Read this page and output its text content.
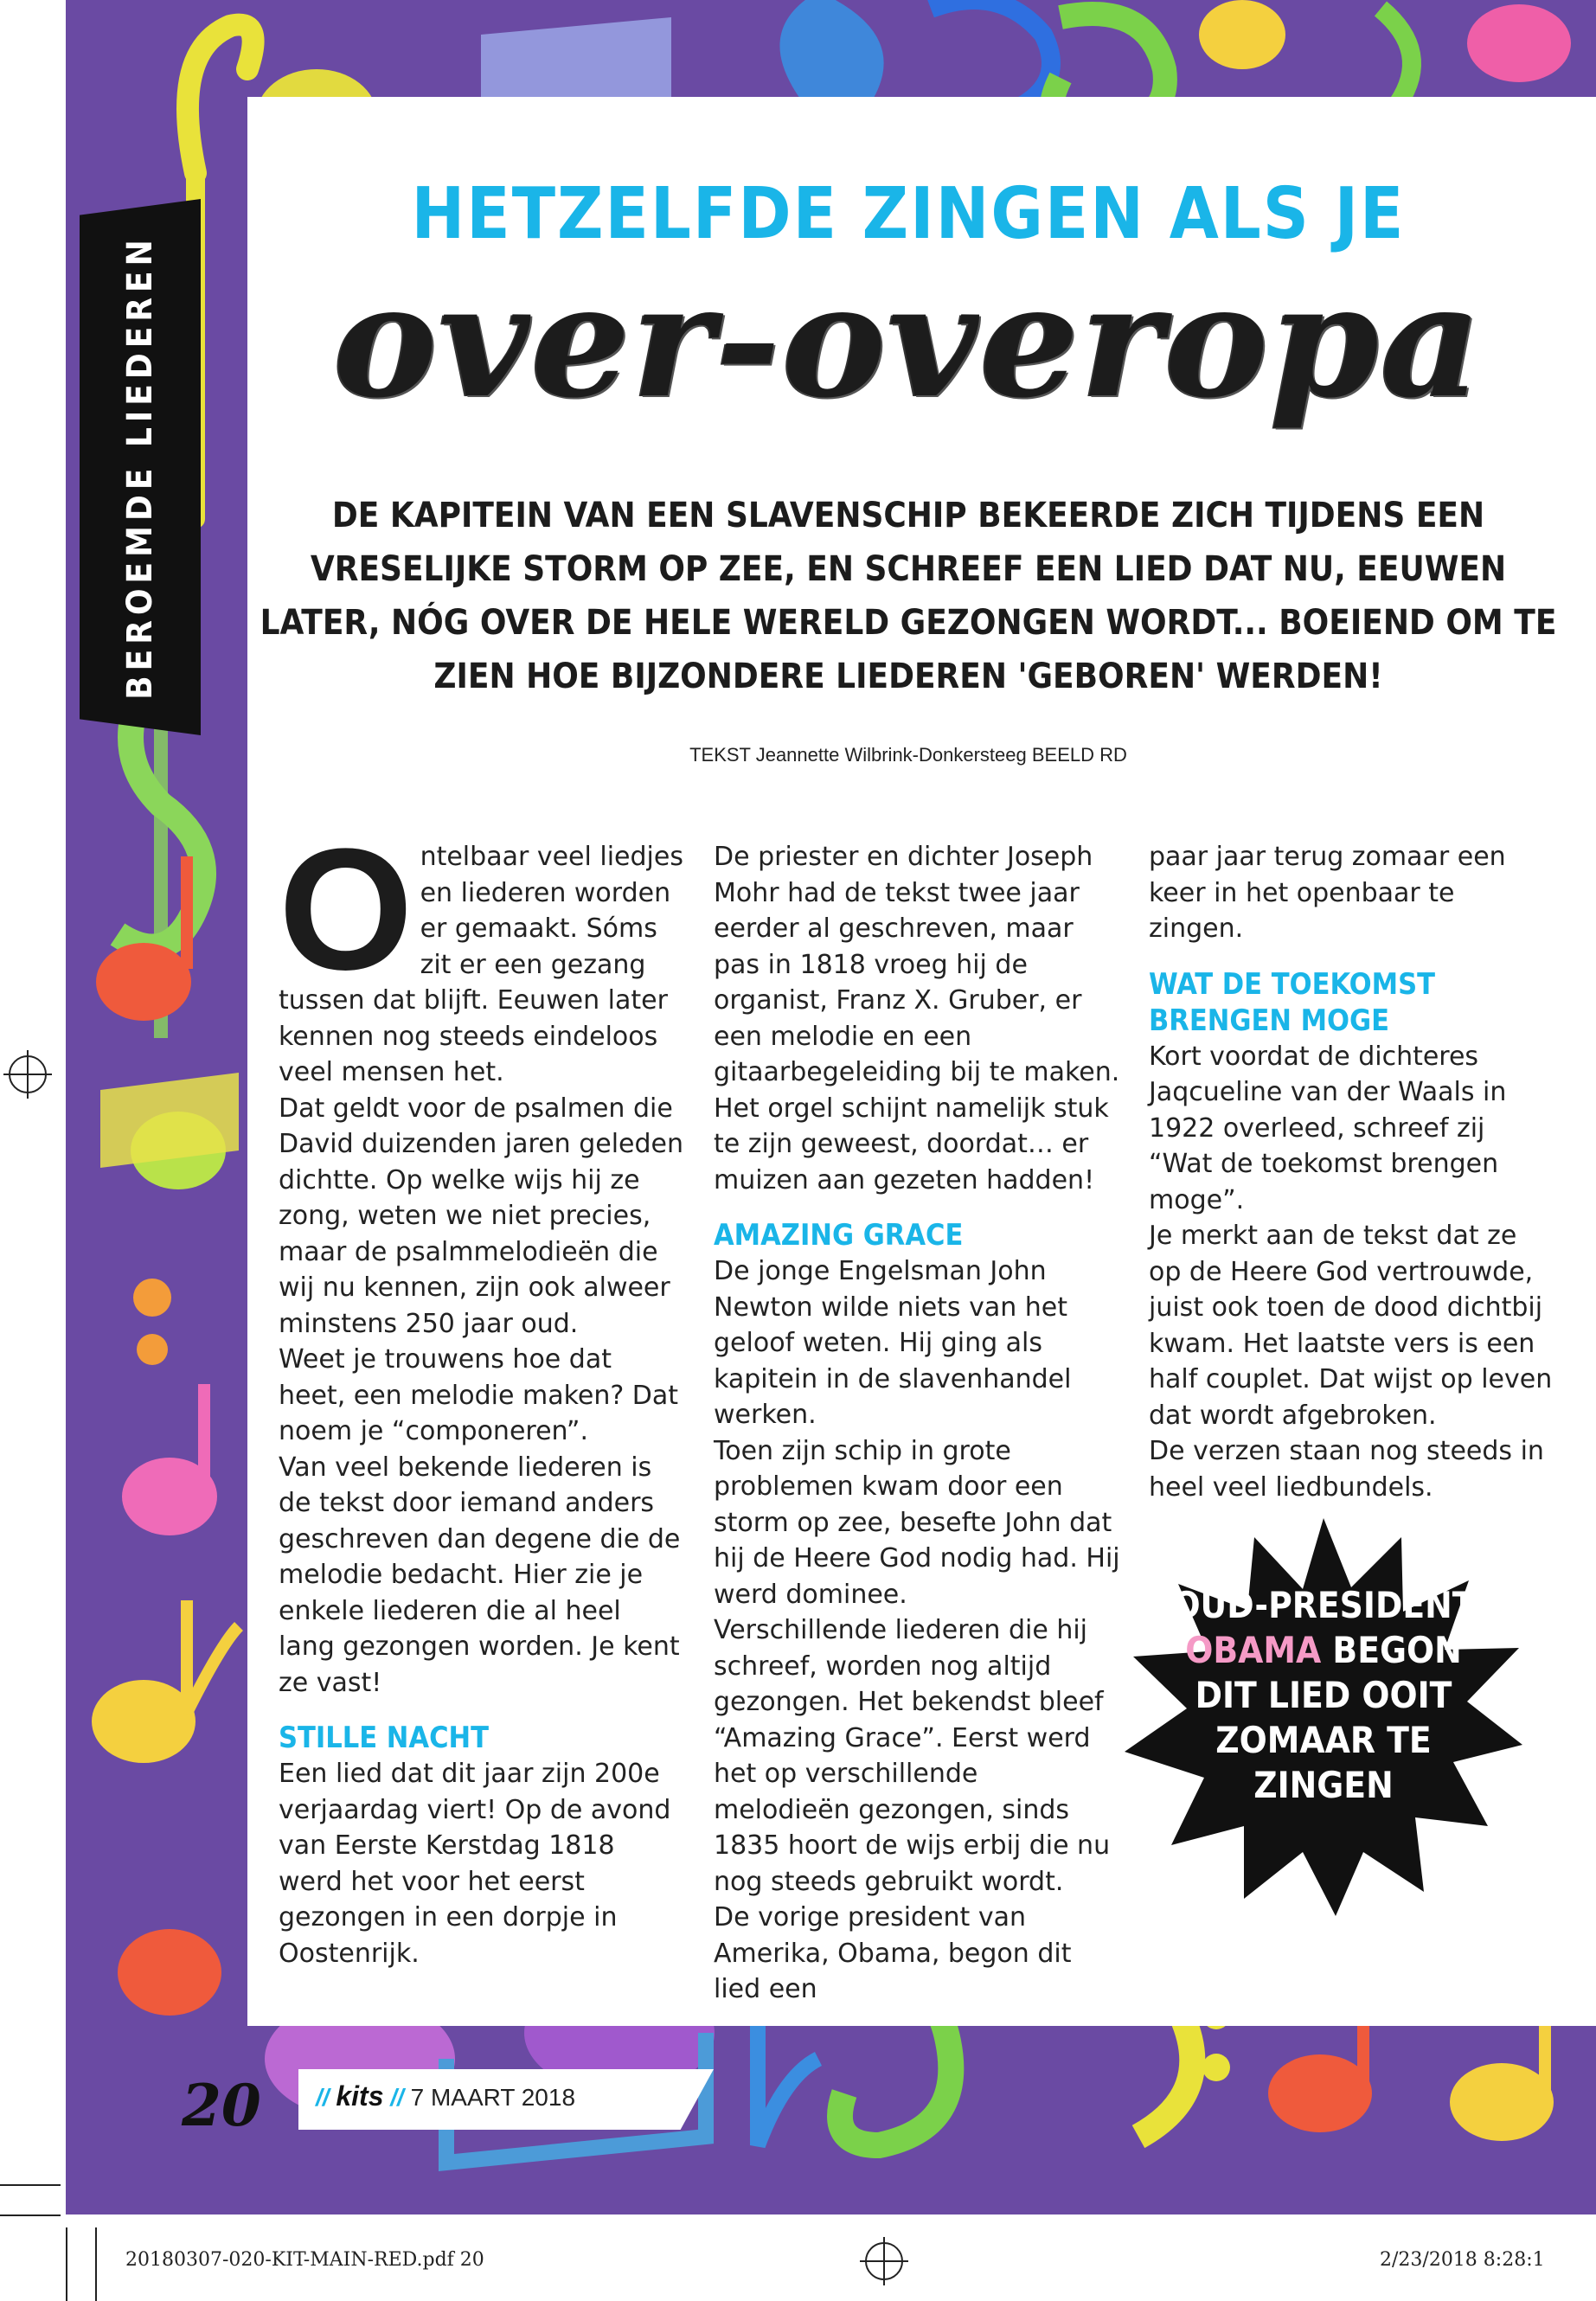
20180307-020-KIT-MAIN-RED.pdf 20	2/23/2018 8:28:1
BEROEMDE LIEDEREN
HETZELFDE ZINGEN ALS JE
over-overopa
DE KAPITEIN VAN EEN SLAVENSCHIP BEKEERDE ZICH TIJDENS EEN VRESELIJKE STORM OP ZEE, EN SCHREEF EEN LIED DAT NU, EEUWEN LATER, NÓG OVER DE HELE WERELD GEZONGEN WORDT... BOEIEND OM TE ZIEN HOE BIJZONDERE LIEDEREN 'GEBOREN' WERDEN!
TEKST Jeannette Wilbrink-Donkersteeg BEELD RD

Ontelbaar veel liedjes en liederen worden er gemaakt. Sóms zit er een gezang tussen dat blijft. Eeuwen later kennen nog steeds eindeloos veel mensen het.

Dat geldt voor de psalmen die David duizenden jaren geleden dichtte. Op welke wijs hij ze zong, weten we niet precies, maar de psalmmelodieën die wij nu kennen, zijn ook alweer minstens 250 jaar oud.

Weet je trouwens hoe dat heet, een melodie maken? Dat noem je “componeren”.

Van veel bekende liederen is de tekst door iemand anders geschreven dan degene die de melodie bedacht. Hier zie je enkele liederen die al heel lang gezongen worden. Je kent ze vast!

STILLE NACHT

Een lied dat dit jaar zijn 200e verjaardag viert! Op de avond van Eerste Kerstdag 1818 werd het voor het eerst gezongen in een dorpje in Oostenrijk.

De priester en dichter Joseph Mohr had de tekst twee jaar eerder al geschreven, maar pas in 1818 vroeg hij de organist, Franz X. Gruber, er een melodie en een gitaarbegeleiding bij te maken. Het orgel schijnt namelijk stuk te zijn geweest, doordat… er muizen aan gezeten hadden!

AMAZING GRACE

De jonge Engelsman John Newton wilde niets van het geloof weten. Hij ging als kapitein in de slavenhandel werken.

Toen zijn schip in grote problemen kwam door een storm op zee, besefte John dat hij de Heere God nodig had. Hij werd dominee.

Verschillende liederen die hij schreef, worden nog altijd gezongen. Het bekendst bleef “Amazing Grace”. Eerst werd het op verschillende melodieën gezongen, sinds 1835 hoort de wijs erbij die nu nog steeds gebruikt wordt.

De vorige president van Amerika, Obama, begon dit lied een

paar jaar terug zomaar een keer in het openbaar te zingen.

WAT DE TOEKOMST BRENGEN MOGE

Kort voordat de dichteres Jaqcueline van der Waals in 1922 overleed, schreef zij “Wat de toekomst brengen moge”.

Je merkt aan de tekst dat ze op de Heere God vertrouwde, juist ook toen de dood dichtbij kwam. Het laatste vers is een half couplet. Dat wijst op leven dat wordt afgebroken.

De verzen staan nog steeds in heel veel liedbundels.

OUD-PRESIDENT
OBAMA BEGON DIT LIED OOIT ZOMAAR TE ZINGEN
20 // kits // 7 MAART 2018
